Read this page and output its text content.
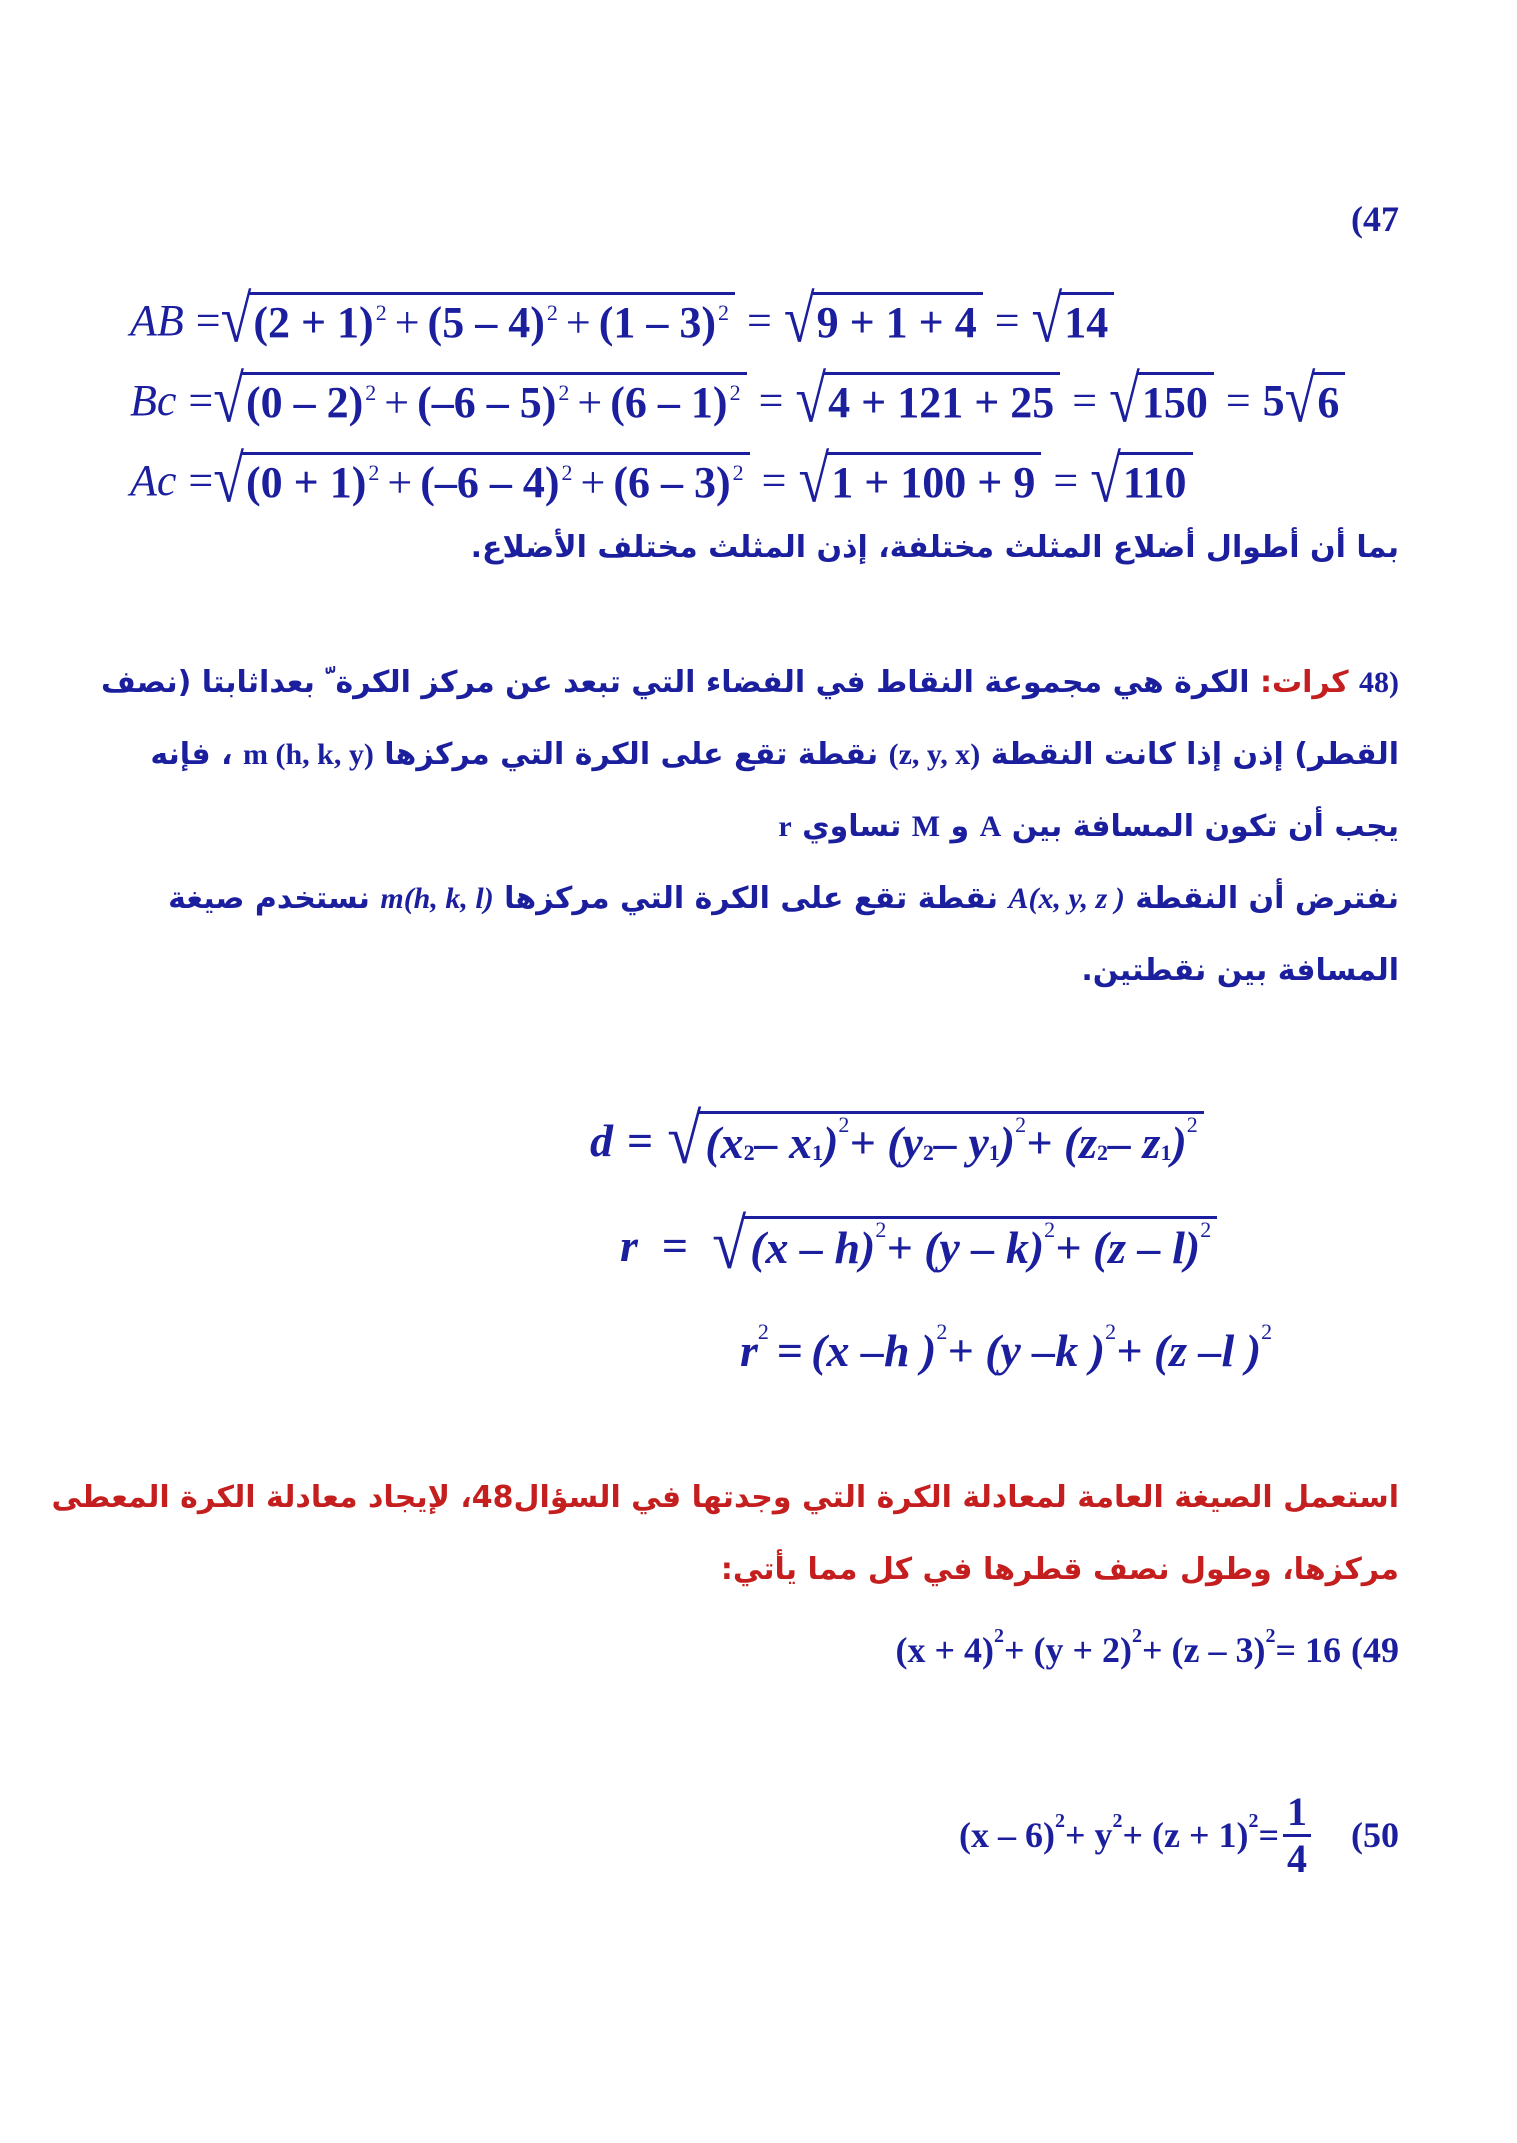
(47
AB = √ (2 + 1) 2 + (5 – 4) 2 + (1 – 3) 2 = √ 9 + 1 + 4 = √ 14
Bc = √ (0 – 2) 2 + (–6 – 5) 2 + (6 – 1) 2 = √ 4 + 121 + 25 = √ 150 = 5 √ 6
Ac = √ (0 + 1) 2 + (–6 – 4) 2 + (6 – 3) 2 = √ 1 + 100 + 9 = √ 110
بما أن أطوال أضلاع المثلث مختلفة، إذن المثلث مختلف الأضلاع.
48) كرات: الكرة هي مجموعة النقاط في الفضاء التي تبعد عن مركز الكرة ّ بعداثابتا (نصف
القطر) إذن إذا كانت النقطة (z, y, x) نقطة تقع على الكرة التي مركزها m (h, k, y) ، فإنه
يجب أن تكون المسافة بين A و M تساوي r
نفترض أن النقطة A(x, y, z ) نقطة تقع على الكرة التي مركزها m(h, k, l) نستخدم صيغة
المسافة بين نقطتين.
d = √ (x 2 – x 1 ) 2 + (y 2 – y 1 ) 2 + (z 2 – z 1 ) 2
r = √ (x – h) 2 + (y – k) 2 + (z – l) 2
r 2 = (x –h ) 2 + (y –k ) 2 + (z –l ) 2
استعمل الصيغة العامة لمعادلة الكرة التي وجدتها في السؤال48، لإيجاد معادلة الكرة المعطى
مركزها، وطول نصف قطرها في كل مما يأتي:
(x + 4) 2 + (y + 2) 2 + (z – 3) 2 = 16 (49
(x – 6) 2 + y 2 + (z + 1) $2 = \frac{1}{4} (50$
